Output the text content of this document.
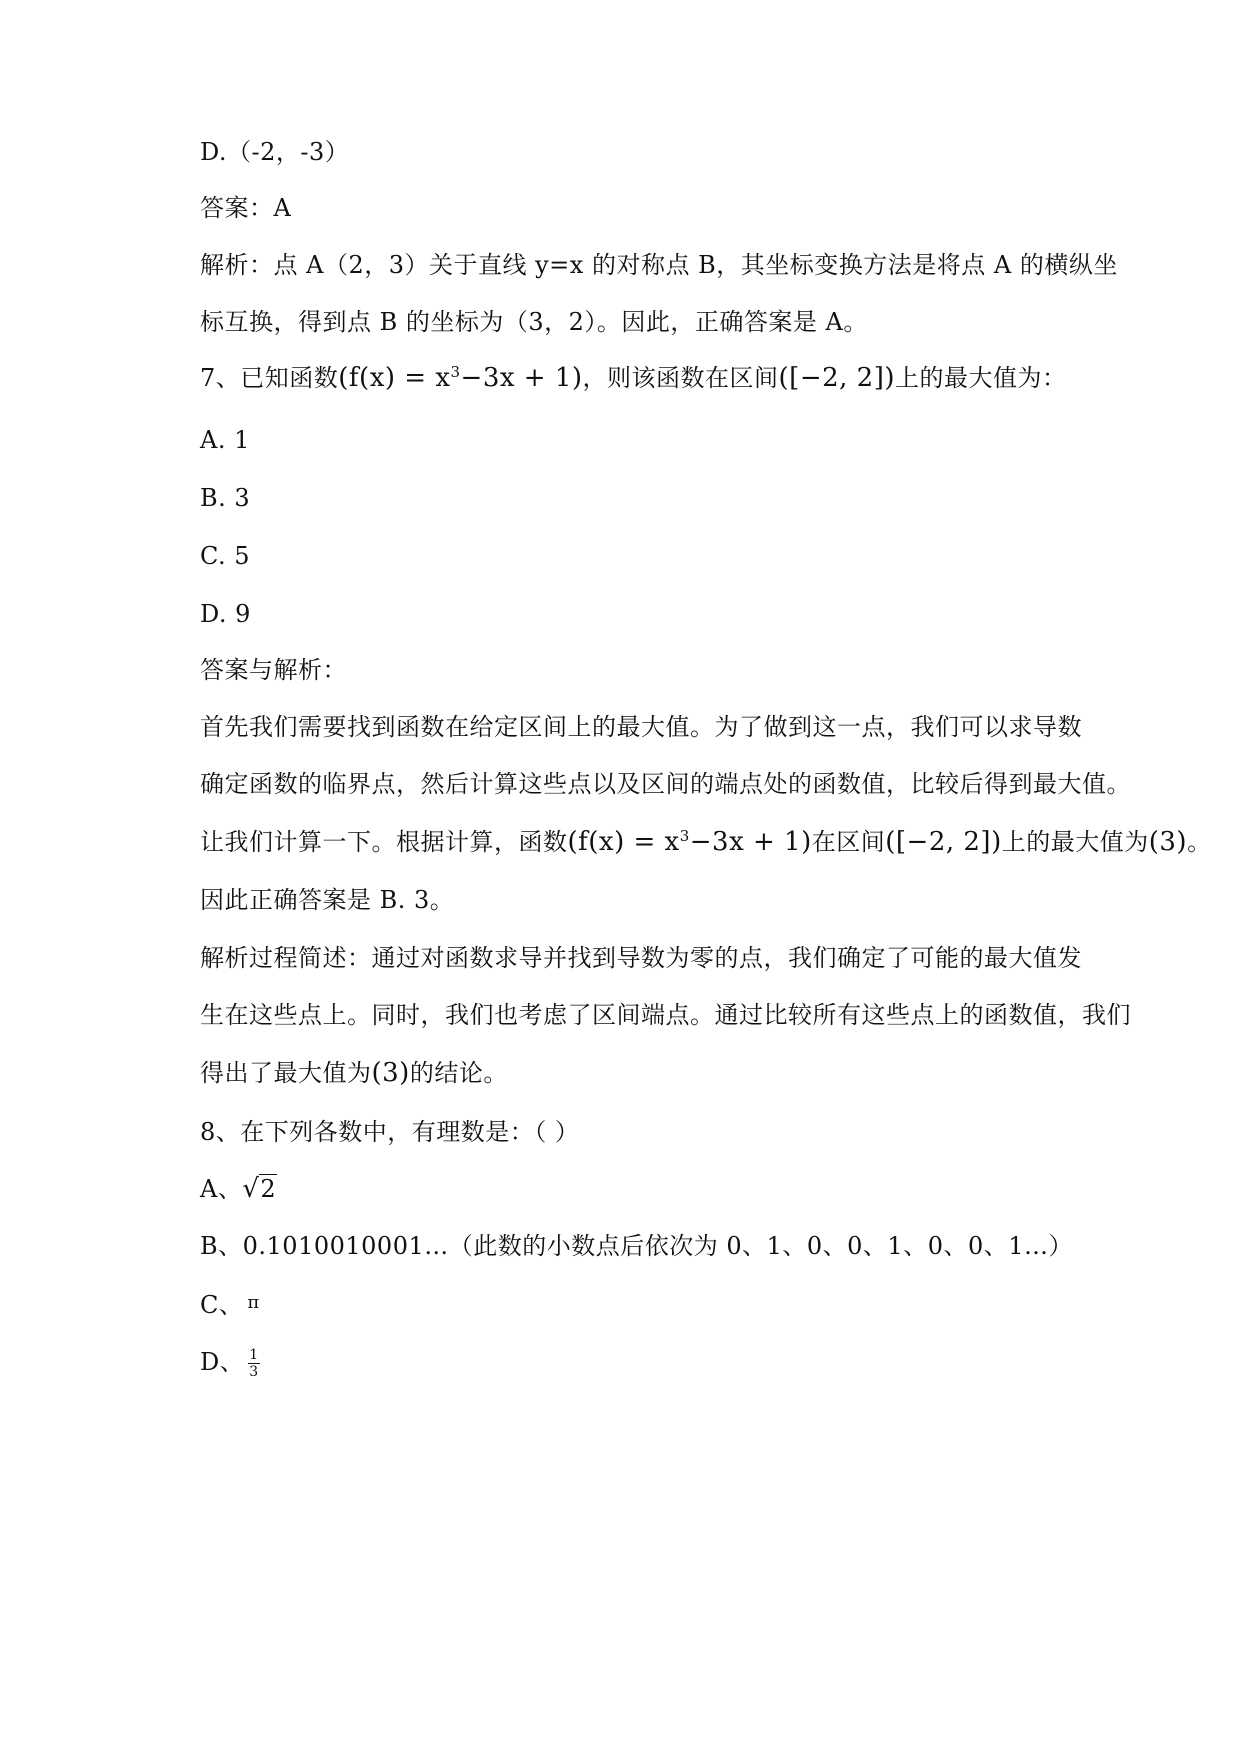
D.（-2，-3）
答案：A
解析：点 A（2，3）关于直线 y=x 的对称点 B，其坐标变换方法是将点 A 的横纵坐
标互换，得到点 B 的坐标为（3，2）。因此，正确答案是 A。
7、已知函数$(f(x) = x^3-3x + 1)$，则该函数在区间([−2, 2])上的最大值为：
A. 1
B. 3
C. 5
D. 9
答案与解析：
首先我们需要找到函数在给定区间上的最大值。为了做到这一点，我们可以求导数
确定函数的临界点，然后计算这些点以及区间的端点处的函数值，比较后得到最大值。
让我们计算一下。根据计算，函数$(f(x) = x^3-3x + 1)$在区间([−2, 2])上的最大值为(3)。
因此正确答案是 B. 3。
解析过程简述：通过对函数求导并找到导数为零的点，我们确定了可能的最大值发
生在这些点上。同时，我们也考虑了区间端点。通过比较所有这些点上的函数值，我们
得出了最大值为(3)的结论。
8、在下列各数中，有理数是：（ ）
A、√2
B、0.1010010001…（此数的小数点后依次为 0、1、0、0、1、0、0、1…）
C、 $^\pi$
D、 $\frac{1}{3}$
